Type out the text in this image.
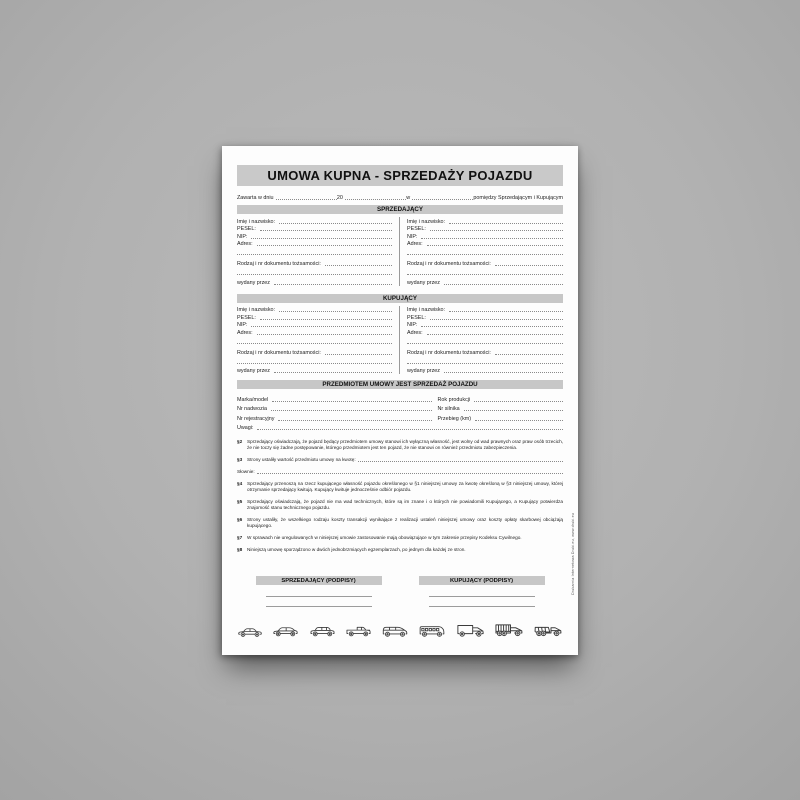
UMOWA KUPNA - SPRZEDAŻY POJAZDU
Zawarta w dniu	20	w	pomiędzy Sprzedającym i Kupującym
SPRZEDAJĄCY
Imię i nazwisko:
PESEL:
NIP:
Adres:
Rodzaj i nr dokumentu tożsamości:
wydany przez
Imię i nazwisko:
PESEL:
NIP:
Adres:
Rodzaj i nr dokumentu tożsamości:
wydany przez
KUPUJĄCY
Imię i nazwisko:
PESEL:
NIP:
Adres:
Rodzaj i nr dokumentu tożsamości:
wydany przez
Imię i nazwisko:
PESEL:
NIP:
Adres:
Rodzaj i nr dokumentu tożsamości:
wydany przez
PRZEDMIOTEM UMOWY JEST SPRZEDAŻ POJAZDU
Marka/model	Rok produkcji
Nr nadwozia	Nr silnika
Nr rejestracyjny	Przebieg (km)
Uwagi:
§2	Sprzedający oświadczają, że pojazd będący przedmiotem umowy stanowi ich wyłączną własność, jest wolny od wad prawnych oraz praw osób trzecich, że nie toczy się żadne postępowanie, którego przedmiotem jest ten pojazd, że nie stanowi on również przedmiotu zabezpieczenia.
§3	Strony ustaliły wartość przedmiotu umowy na kwotę:
Słownie:
§4	Sprzedający przenoszą na rzecz kupującego własność pojazdu określonego w §1 niniejszej umowy za kwotę określoną w §3 niniejszej umowy, której otrzymanie sprzedający kwitują. Kupujący kwituje jednocześnie odbiór pojazdu.
§5	Sprzedający oświadczają, że pojazd nie ma wad technicznych, które są im znane i o których nie powiadomili Kupującego, a Kupujący potwierdza znajomość stanu technicznego pojazdu.
§6	Strony ustaliły, że wszelkiego rodzaju koszty transakcji wynikające z realizacji ustaleń niniejszej umowy oraz koszty opłaty skarbowej obciążają kupującego.
§7	W sprawach nie uregulowanych w niniejszej umowie zastosowanie mają obowiązujące w tym zakresie przepisy Kodeksu Cywilnego.
§8	Niniejszą umowę sporządzono w dwóch jednobrzmiących egzemplarzach, po jednym dla każdej ze stron.
SPRZEDAJĄCY (PODPISY)	KUPUJĄCY (PODPISY)	Drukarnia Internetowa Druki.eu, www.druki.eu
